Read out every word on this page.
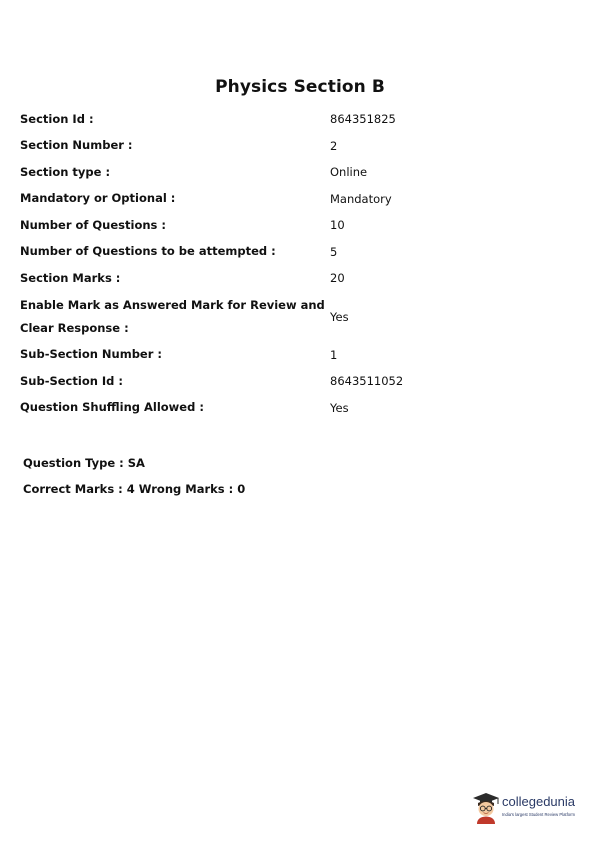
Physics Section B
Section Id :	864351825
Section Number :	2
Section type :	Online
Mandatory or Optional :	Mandatory
Number of Questions :	10
Number of Questions to be attempted :	5
Section Marks :	20
Enable Mark as Answered Mark for Review and
Clear Response :	Yes
Sub-Section Number :	1
Sub-Section Id :	8643511052
Question Shuffling Allowed :	Yes
Question Type : SA
Correct Marks : 4 Wrong Marks : 0
collegedunia
India's largest Student Review Platform
